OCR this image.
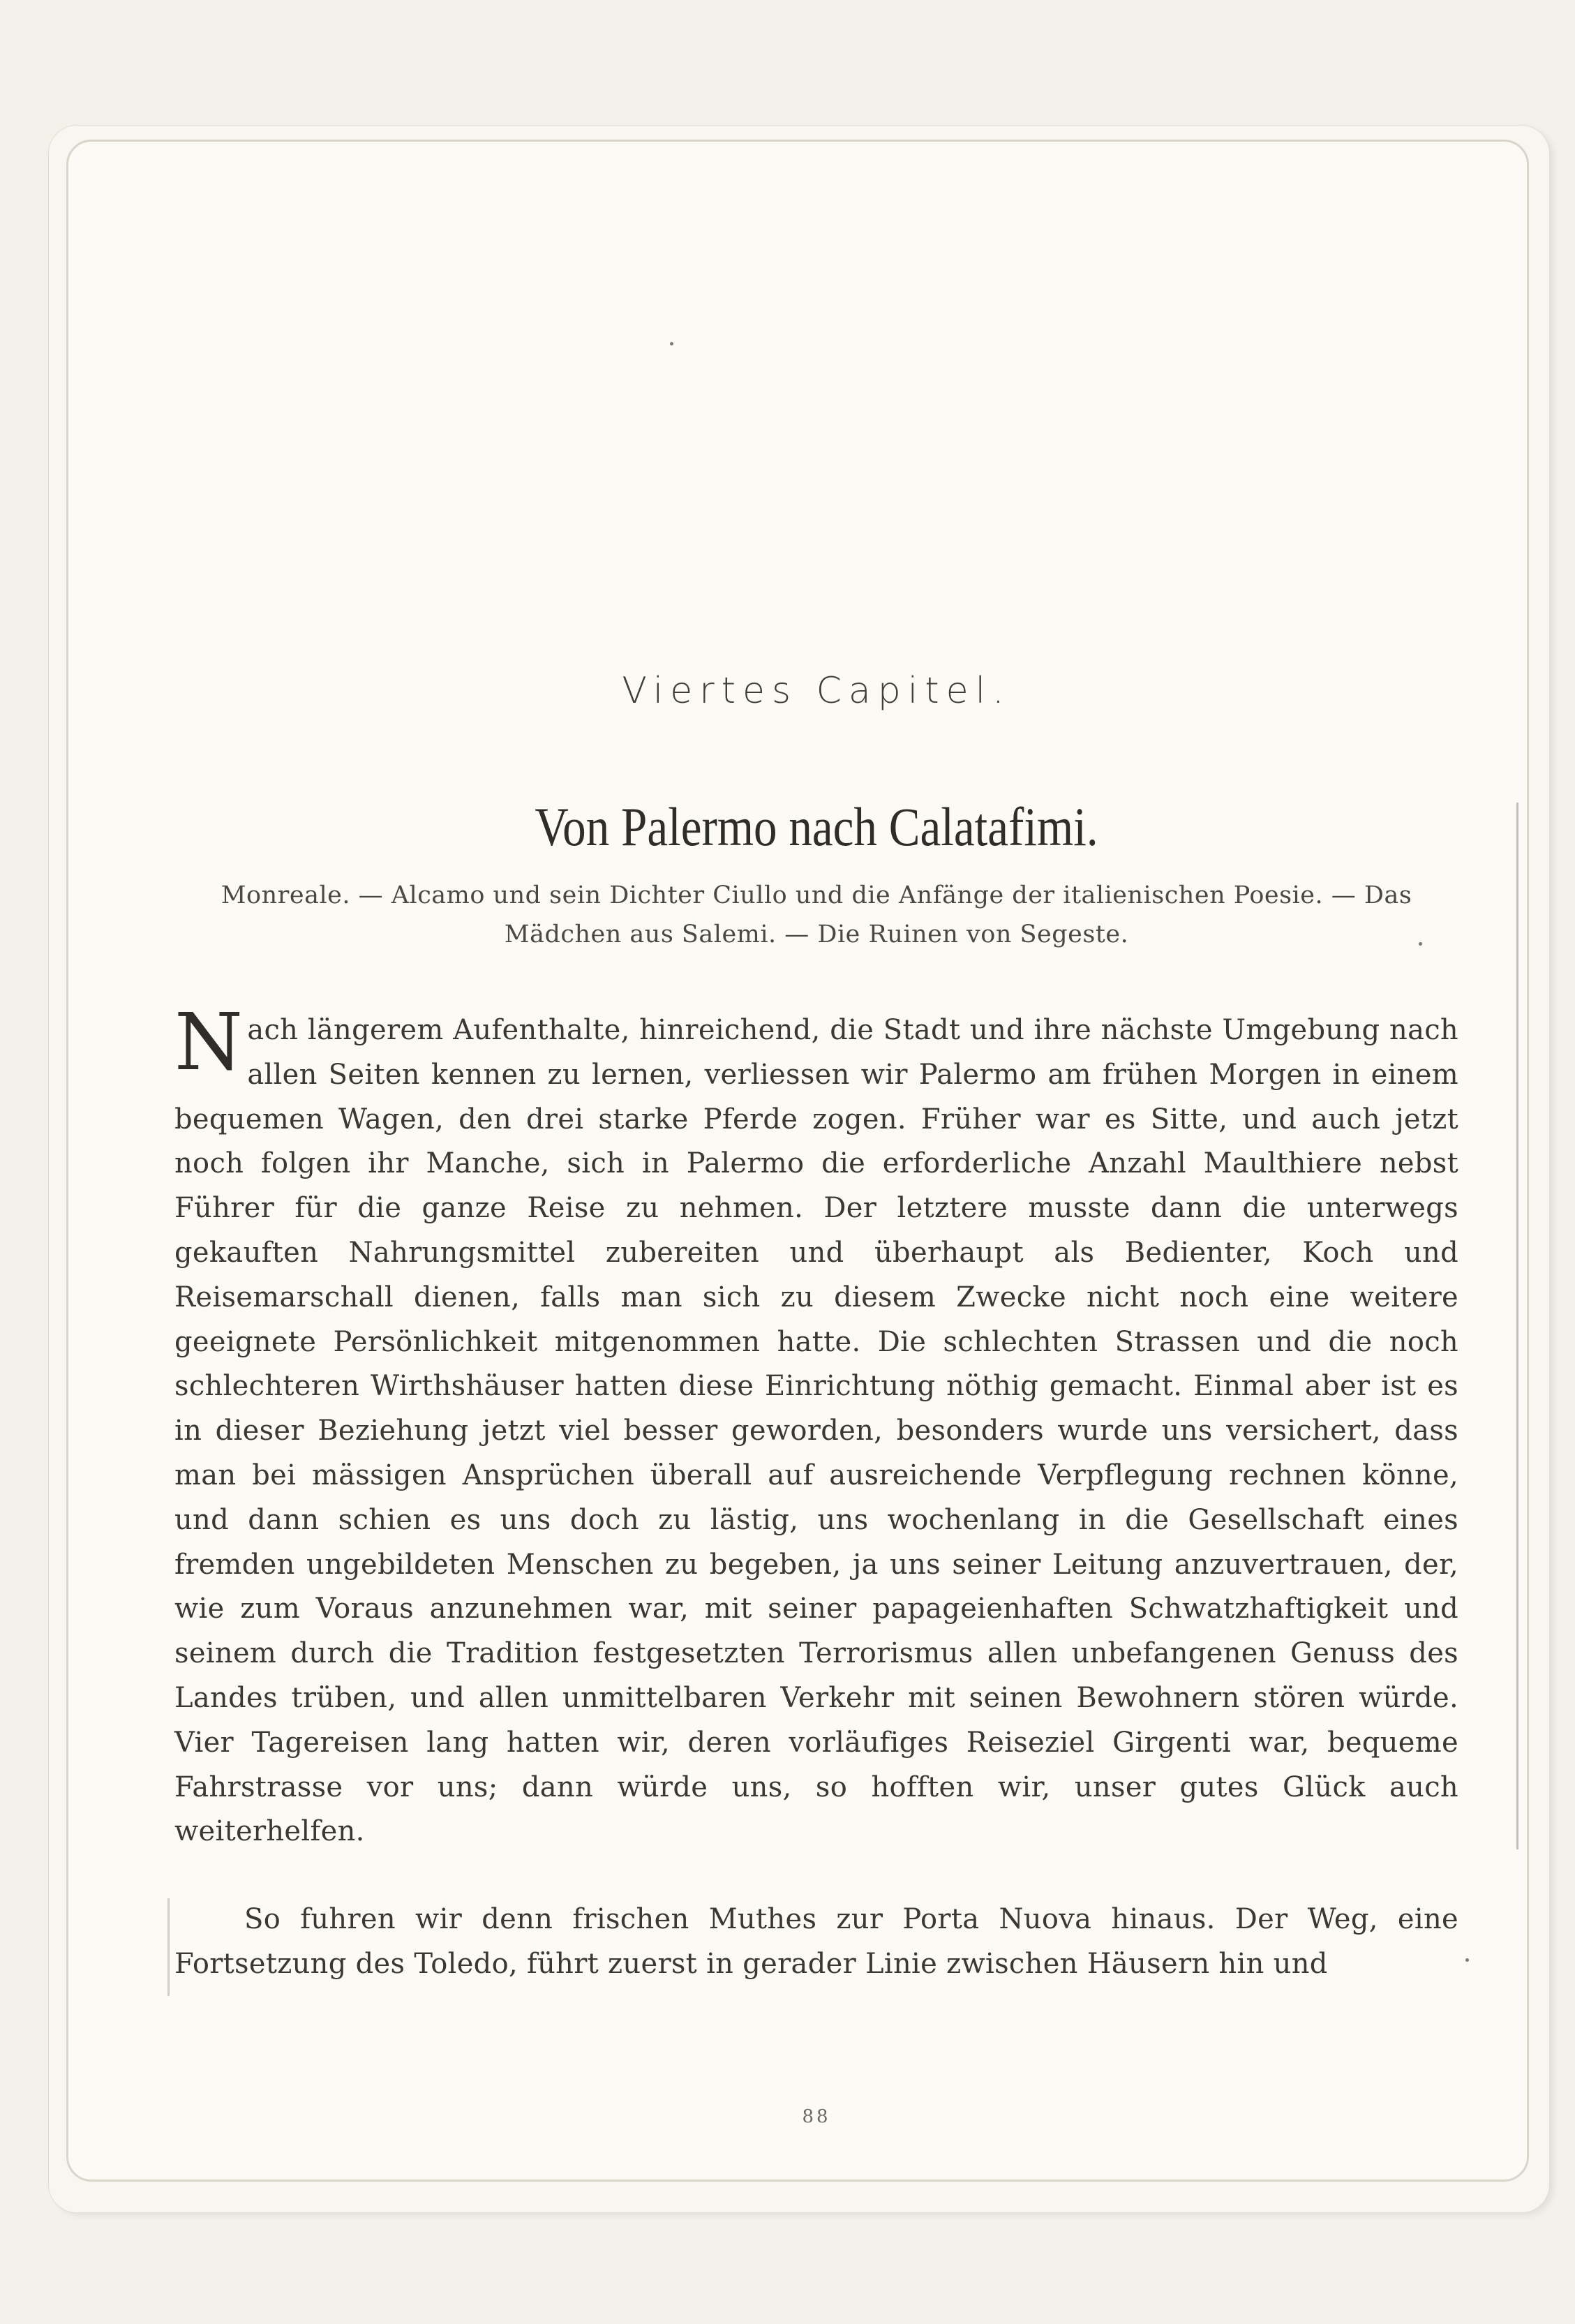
Viertes Capitel.
Von Palermo nach Calatafimi.
Monreale. — Alcamo und sein Dichter Ciullo und die Anfänge der italienischen Poesie. — Das Mädchen aus Salemi. — Die Ruinen von Segeste.

Nach längerem Aufenthalte, hinreichend, die Stadt und ihre nächste Umgebung nach allen Seiten kennen zu lernen, verliessen wir Palermo am frühen Morgen in einem bequemen Wagen, den drei starke Pferde zogen. Früher war es Sitte, und auch jetzt noch folgen ihr Manche, sich in Palermo die erforderliche Anzahl Maulthiere nebst Führer für die ganze Reise zu nehmen. Der letztere musste dann die unterwegs gekauften Nahrungsmittel zubereiten und überhaupt als Bedienter, Koch und Reisemarschall dienen, falls man sich zu diesem Zwecke nicht noch eine weitere geeignete Persönlichkeit mitgenommen hatte. Die schlechten Strassen und die noch schlechteren Wirthshäuser hatten diese Einrichtung nöthig gemacht. Einmal aber ist es in dieser Beziehung jetzt viel besser geworden, besonders wurde uns versichert, dass man bei mässigen Ansprüchen überall auf ausreichende Verpflegung rechnen könne, und dann schien es uns doch zu lästig, uns wochenlang in die Gesellschaft eines fremden ungebildeten Menschen zu begeben, ja uns seiner Leitung anzuvertrauen, der, wie zum Voraus anzunehmen war, mit seiner papageienhaften Schwatzhaftigkeit und seinem durch die Tradition festgesetzten Terrorismus allen unbefangenen Genuss des Landes trüben, und allen unmittelbaren Verkehr mit seinen Bewohnern stören würde. Vier Tagereisen lang hatten wir, deren vorläufiges Reiseziel Girgenti war, bequeme Fahrstrasse vor uns; dann würde uns, so hofften wir, unser gutes Glück auch weiterhelfen.

So fuhren wir denn frischen Muthes zur Porta Nuova hinaus. Der Weg, eine Fortsetzung des Toledo, führt zuerst in gerader Linie zwischen Häusern hin und

88
